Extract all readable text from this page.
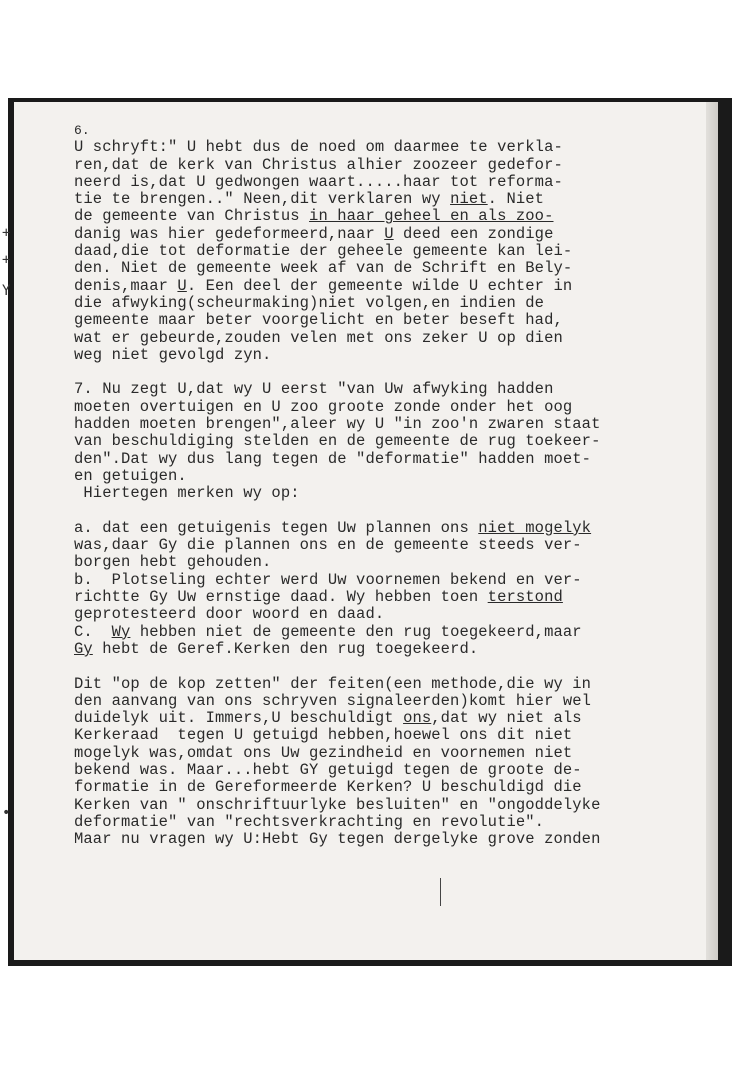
+
+
Y
•
6.
U schryft:" U hebt dus de noed om daarmee te verkla-
ren,dat de kerk van Christus alhier zoozeer gedefor-
neerd is,dat U gedwongen waart.....haar tot reforma-
tie te brengen.." Neen,dit verklaren wy niet. Niet
de gemeente van Christus in haar geheel en als zoo-
danig was hier gedeformeerd,naar U deed een zondige
daad,die tot deformatie der geheele gemeente kan lei-
den. Niet de gemeente week af van de Schrift en Bely-
denis,maar U. Een deel der gemeente wilde U echter in
die afwyking(scheurmaking)niet volgen,en indien de
gemeente maar beter voorgelicht en beter beseft had,
wat er gebeurde,zouden velen met ons zeker U op dien
weg niet gevolgd zyn.
7. Nu zegt U,dat wy U eerst "van Uw afwyking hadden
moeten overtuigen en U zoo groote zonde onder het oog
hadden moeten brengen",aleer wy U "in zoo'n zwaren staat
van beschuldiging stelden en de gemeente de rug toekeer-
den".Dat wy dus lang tegen de "deformatie" hadden moet-
en getuigen.
Hiertegen merken wy op:
a. dat een getuigenis tegen Uw plannen ons niet mogelyk
was,daar Gy die plannen ons en de gemeente steeds ver-
borgen hebt gehouden.
b.  Plotseling echter werd Uw voornemen bekend en ver-
richtte Gy Uw ernstige daad. Wy hebben toen terstond
geprotesteerd door woord en daad.
C.  Wy hebben niet de gemeente den rug toegekeerd,maar
Gy hebt de Geref.Kerken den rug toegekeerd.
Dit "op de kop zetten" der feiten(een methode,die wy in
den aanvang van ons schryven signaleerden)komt hier wel
duidelyk uit. Immers,U beschuldigt ons,dat wy niet als
Kerkeraad  tegen U getuigd hebben,hoewel ons dit niet
mogelyk was,omdat ons Uw gezindheid en voornemen niet
bekend was. Maar...hebt GY getuigd tegen de groote de-
formatie in de Gereformeerde Kerken? U beschuldigd die
Kerken van " onschriftuurlyke besluiten" en "ongoddelyke
deformatie" van "rechtsverkrachting en revolutie".
Maar nu vragen wy U:Hebt Gy tegen dergelyke grove zonden
